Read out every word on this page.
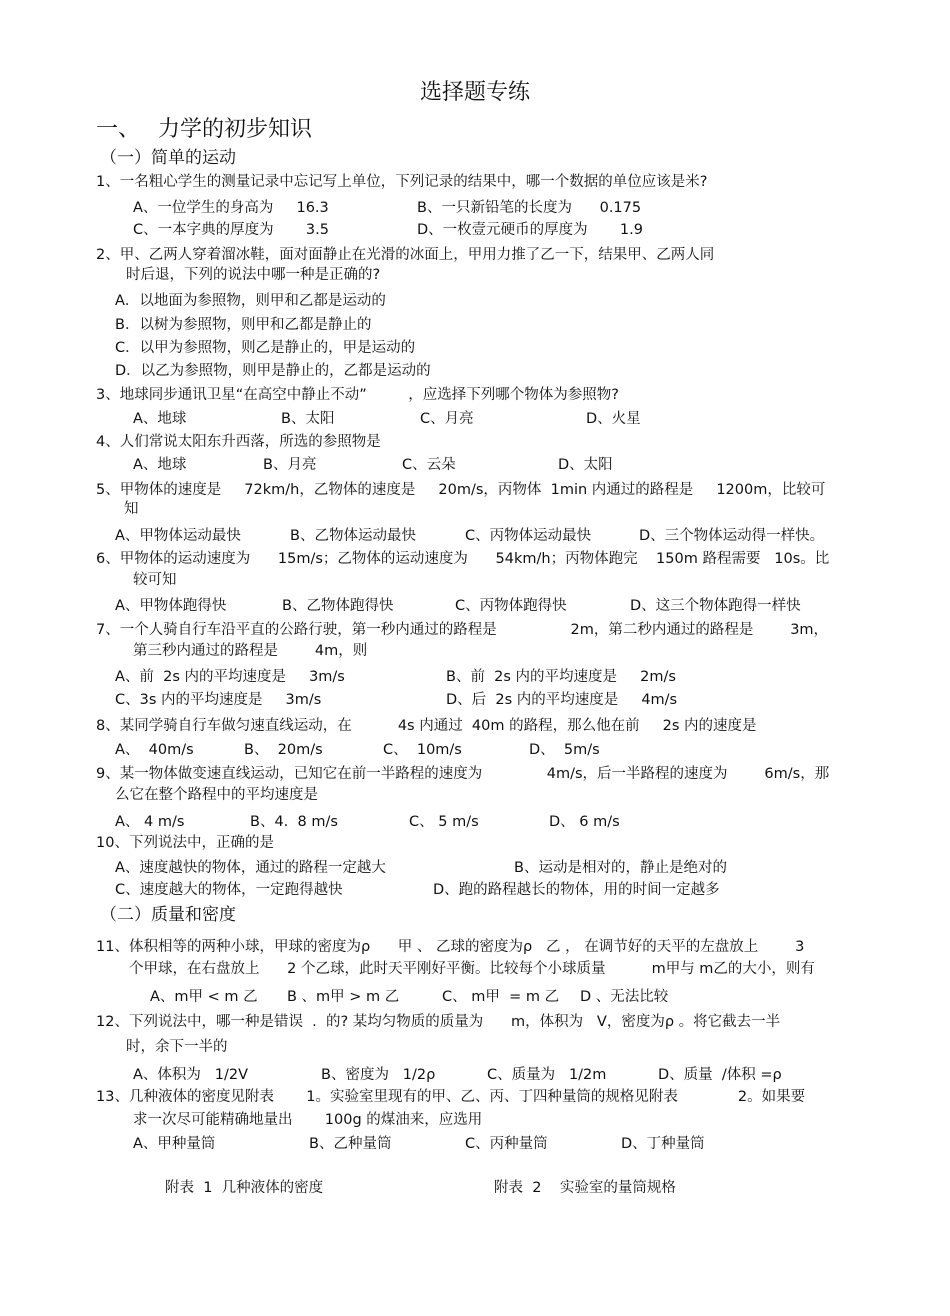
选择题专练
一、 力学的初步知识
（一）简单的运动
1、一名粗心学生的测量记录中忘记写上单位，下列记录的结果中，哪一个数据的单位应该是米?
A、一位学生的身高为     16.3	B、一只新铅笔的长度为      0.175
C、一本字典的厚度为       3.5	D、一枚壹元硬币的厚度为       1.9
2、甲、乙两人穿着溜冰鞋，面对面静止在光滑的冰面上，甲用力推了乙一下，结果甲、乙两人同
时后退，下列的说法中哪一种是正确的?
A．以地面为参照物，则甲和乙都是运动的
B．以树为参照物，则甲和乙都是静止的
C．以甲为参照物，则乙是静止的，甲是运动的
D．以乙为参照物，则甲是静止的，乙都是运动的
3、地球同步通讯卫星“在高空中静止不动”         ，应选择下列哪个物体为参照物?
A、地球	B、太阳	C、月亮	D、火星
4、人们常说太阳东升西落，所选的参照物是
A、地球	B、月亮	C、云朵	D、太阳
5、甲物体的速度是     72km/h，乙物体的速度是     20m/s，丙物体  1min 内通过的路程是     1200m，比较可
知
A、甲物体运动最快	B、乙物体运动最快	C、丙物体运动最快	D、三个物体运动得一样快。
6、甲物体的运动速度为      15m/s；乙物体的运动速度为      54km/h；丙物体跑完    150m 路程需要   10s。比
较可知
A、甲物体跑得快	B、乙物体跑得快	C、丙物体跑得快	D、这三个物体跑得一样快
7、一个人骑自行车沿平直的公路行驶，第一秒内通过的路程是                2m，第二秒内通过的路程是        3m，
第三秒内通过的路程是        4m，则
A、前  2s 内的平均速度是     3m/s	B、前  2s 内的平均速度是     2m/s
C、3s 内的平均速度是     3m/s	D、后  2s 内的平均速度是     4m/s
8、某同学骑自行车做匀速直线运动，在          4s 内通过  40m 的路程，那么他在前     2s 内的速度是
A、  40m/s	B、  20m/s	C、  10m/s	D、  5m/s
9、某一物体做变速直线运动，已知它在前一半路程的速度为              4m/s，后一半路程的速度为        6m/s，那
么它在整个路程中的平均速度是
A、 4 m/s	B、4.  8 m/s	C、 5 m/s	D、 6 m/s
10、下列说法中，正确的是
A、速度越快的物体，通过的路程一定越大	B、运动是相对的，静止是绝对的
C、速度越大的物体，一定跑得越快	D、跑的路程越长的物体，用的时间一定越多
（二）质量和密度
11、体积相等的两种小球，甲球的密度为ρ      甲 、 乙球的密度为ρ   乙 ， 在调节好的天平的左盘放上        3
个甲球，在右盘放上      2 个乙球，此时天平刚好平衡。比较每个小球质量          m甲与 m乙的大小，则有
A、m甲 < m 乙 B 、m甲 > m 乙	C、 m甲  = m 乙 D 、无法比较
12、下列说法中，哪一种是错误  .  的? 某均匀物质的质量为      m，体积为   V，密度为ρ 。将它截去一半
时，余下一半的
A、体积为   1/2V	B、密度为   1/2ρ	C、质量为   1/2m	D、质量  /体积 =ρ
13、几种液体的密度见附表       1。实验室里现有的甲、乙、丙、丁四种量筒的规格见附表             2。如果要
求一次尽可能精确地量出       100g 的煤油来，应选用
A、甲种量筒	B、乙种量筒	C、丙种量筒	D、丁种量筒
附表  1  几种液体的密度	附表  2    实验室的量筒规格
